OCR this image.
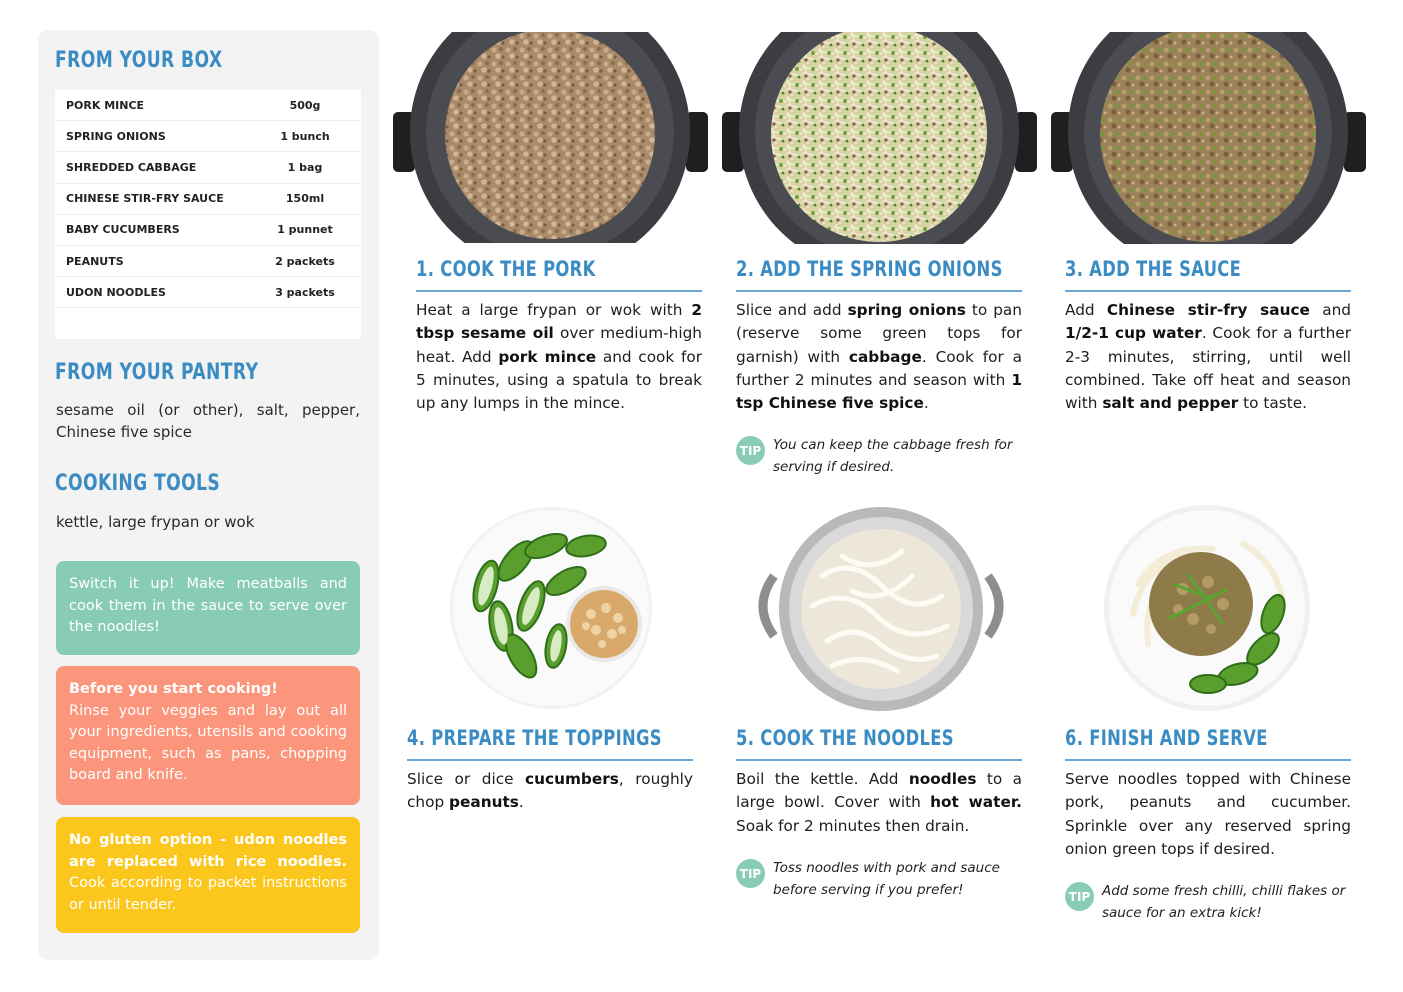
FROM YOUR BOX
PORK MINCE	500g
SPRING ONIONS	1 bunch
SHREDDED CABBAGE	1 bag
CHINESE STIR-FRY SAUCE	150ml
BABY CUCUMBERS	1 punnet
PEANUTS	2 packets
UDON NOODLES	3 packets
FROM YOUR PANTRY
sesame oil (or other), salt, pepper, Chinese five spice
COOKING TOOLS
kettle, large frypan or wok
Switch it up! Make meatballs and cook them in the sauce to serve over the noodles!
Before you start cooking!
Rinse your veggies and lay out all your ingredients, utensils and cooking equipment, such as pans, chopping board and knife.
No gluten option - udon noodles are replaced with rice noodles. Cook according to packet instructions or until tender.
1. COOK THE PORK
Heat a large frypan or wok with 2 tbsp sesame oil over medium-high heat. Add pork mince and cook for 5 minutes, using a spatula to break up any lumps in the mince.
2. ADD THE SPRING ONIONS
Slice and add spring onions to pan (reserve some green tops for garnish) with cabbage. Cook for a further 2 minutes and season with 1 tsp Chinese five spice.
TIP You can keep the cabbage fresh for serving if desired.
3. ADD THE SAUCE
Add Chinese stir-fry sauce and 1/2-1 cup water. Cook for a further 2-3 minutes, stirring, until well combined. Take off heat and season with salt and pepper to taste.
4. PREPARE THE TOPPINGS
Slice or dice cucumbers, roughly chop peanuts.
5. COOK THE NOODLES
Boil the kettle. Add noodles to a large bowl. Cover with hot water. Soak for 2 minutes then drain.
TIP Toss noodles with pork and sauce before serving if you prefer!
6. FINISH AND SERVE
Serve noodles topped with Chinese pork, peanuts and cucumber. Sprinkle over any reserved spring onion green tops if desired.
TIP Add some fresh chilli, chilli flakes or sauce for an extra kick!
